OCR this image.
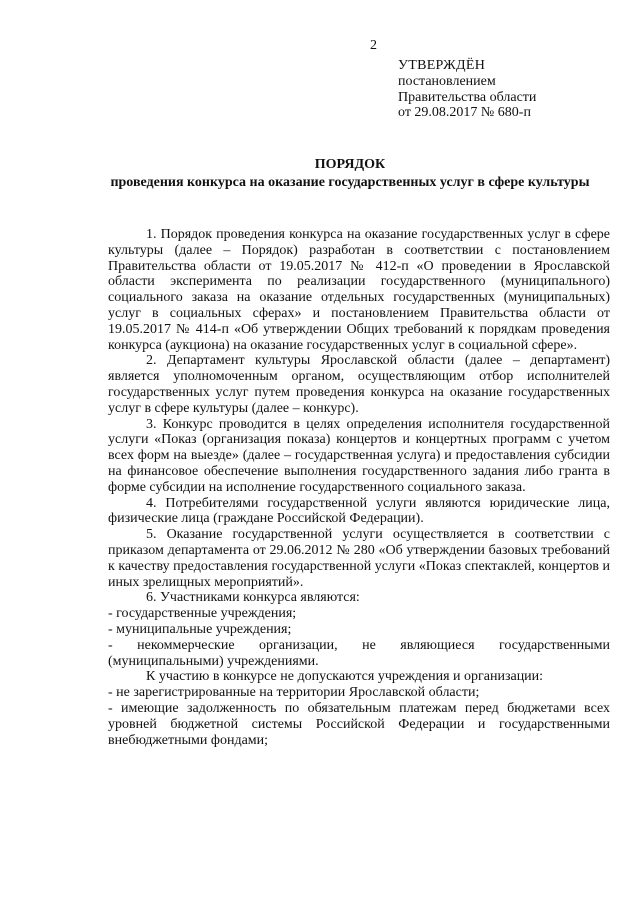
2
УТВЕРЖДЁН
постановлением
Правительства области
от 29.08.2017 № 680-п
ПОРЯДОК
проведения конкурса на оказание государственных услуг в сфере культуры

1. Порядок проведения конкурса на оказание государственных услуг в сфере культуры (далее – Порядок) разработан в соответствии с постановлением Правительства области от 19.05.2017 № 412-п «О проведении в Ярославской области эксперимента по реализации государственного (муниципального) социального заказа на оказание отдельных государственных (муниципальных) услуг в социальных сферах» и постановлением Правительства области от 19.05.2017 № 414-п «Об утверждении Общих требований к порядкам проведения конкурса (аукциона) на оказание государственных услуг в социальной сфере».

2. Департамент культуры Ярославской области (далее – департамент) является уполномоченным органом, осуществляющим отбор исполнителей государственных услуг путем проведения конкурса на оказание государственных услуг в сфере культуры (далее – конкурс).

3. Конкурс проводится в целях определения исполнителя государственной услуги «Показ (организация показа) концертов и концертных программ с учетом всех форм на выезде» (далее – государственная услуга) и предоставления субсидии на финансовое обеспечение выполнения государственного задания либо гранта в форме субсидии на исполнение государственного социального заказа.

4. Потребителями государственной услуги являются юридические лица, физические лица (граждане Российской Федерации).

5. Оказание государственной услуги осуществляется в соответствии с приказом департамента от 29.06.2012 № 280 «Об утверждении базовых требований к качеству предоставления государственной услуги «Показ спектаклей, концертов и иных зрелищных мероприятий».

6. Участниками конкурса являются:

- государственные учреждения;

- муниципальные учреждения;

- некоммерческие организации, не являющиеся государственными (муниципальными) учреждениями.

К участию в конкурсе не допускаются учреждения и организации:

- не зарегистрированные на территории Ярославской области;

- имеющие задолженность по обязательным платежам перед бюджетами всех уровней бюджетной системы Российской Федерации и государственными внебюджетными фондами;
